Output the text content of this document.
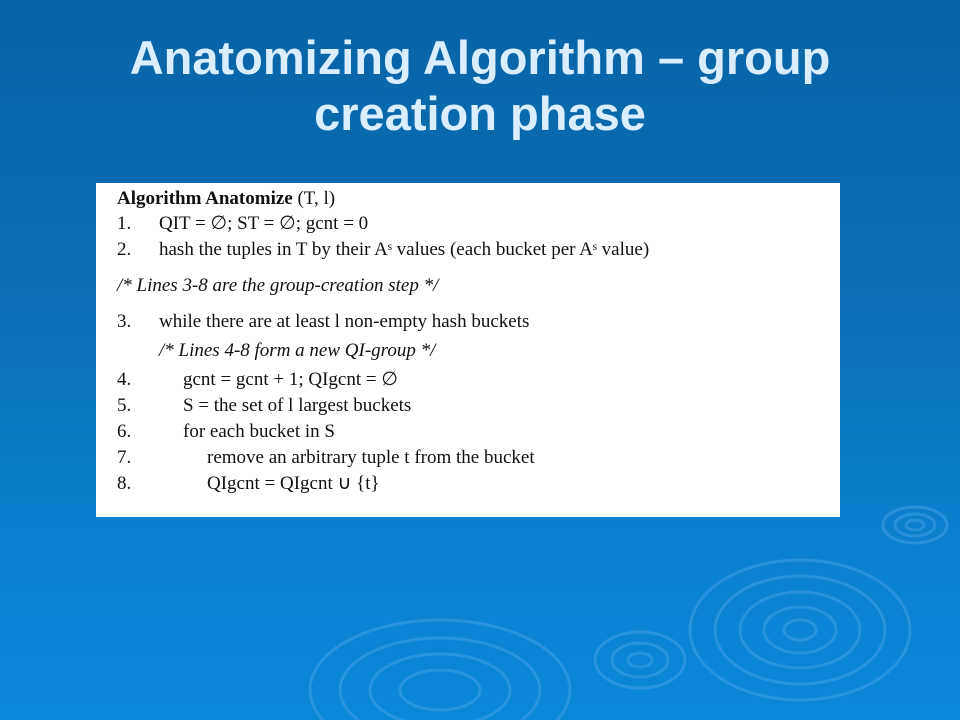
Anatomizing Algorithm – group
creation phase
Algorithm Anatomize (T, l)
1.	QIT = ∅; ST = ∅; gcnt = 0
2.	hash the tuples in T by their Aˢ values (each bucket per Aˢ value)
/* Lines 3-8 are the group-creation step */
3.	while there are at least l non-empty hash buckets
/* Lines 4-8 form a new QI-group */
4.	gcnt = gcnt + 1; QIgcnt = ∅
5.	S = the set of l largest buckets
6.	for each bucket in S
7.	remove an arbitrary tuple t from the bucket
8.	QIgcnt = QIgcnt ∪ {t}
